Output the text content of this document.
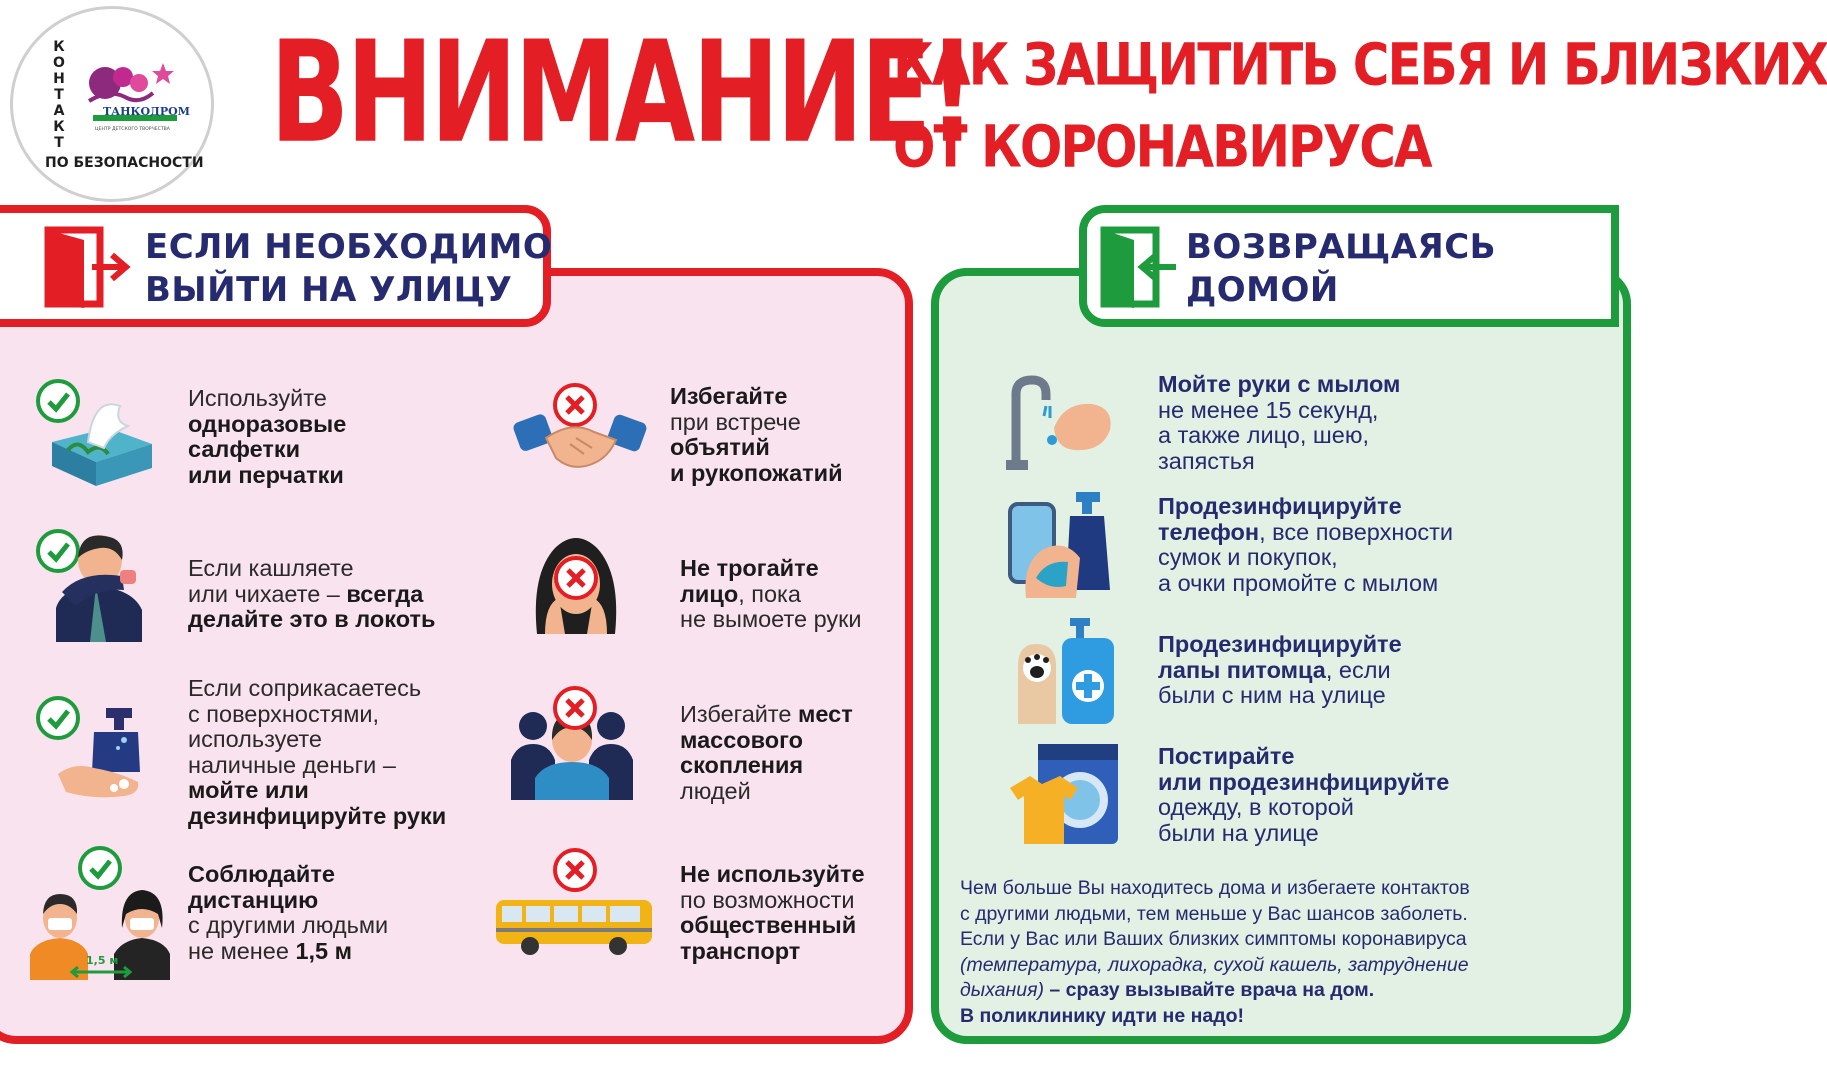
КОНТАКТ
ТАНКОДРОМ
ЦЕНТР ДЕТСКОГО ТВОРЧЕСТВА
ПО БЕЗОПАСНОСТИ ВНИМАНИЕ!
КАК ЗАЩИТИТЬ СЕБЯ И БЛИЗКИХ
ОТ КОРОНАВИРУСА
ЕСЛИ НЕОБХОДИМО
ВЫЙТИ НА УЛИЦУ
ВОЗВРАЩАЯСЬ
ДОМОЙ
Используйте
одноразовые
салфетки
или перчатки
Если кашляете
или чихаете – всегда
делайте это в локоть
Если соприкасаетесь
с поверхностями,
используете
наличные деньги –
мойте или
дезинфицируйте руки
1,5 м
Соблюдайте
дистанцию
с другими людьми
не менее 1,5 м
Избегайте
при встрече
объятий
и рукопожатий
Не трогайте
лицо, пока
не вымоете руки
Избегайте мест
массового
скопления
людей
Не используйте
по возможности
общественный
транспорт
Мойте руки с мылом
не менее 15 секунд,
а также лицо, шею,
запястья
Продезинфицируйте
телефон, все поверхности
сумок и покупок,
а очки промойте с мылом
Продезинфицируйте
лапы питомца, если
были с ним на улице
Постирайте
или продезинфицируйте
одежду, в которой
были на улице
Чем больше Вы находитесь дома и избегаете контактов
с другими людьми, тем меньше у Вас шансов заболеть.
Если у Вас или Ваших близких симптомы коронавируса
(температура, лихорадка, сухой кашель, затруднение
дыхания) – сразу вызывайте врача на дом.
В поликлинику идти не надо!
